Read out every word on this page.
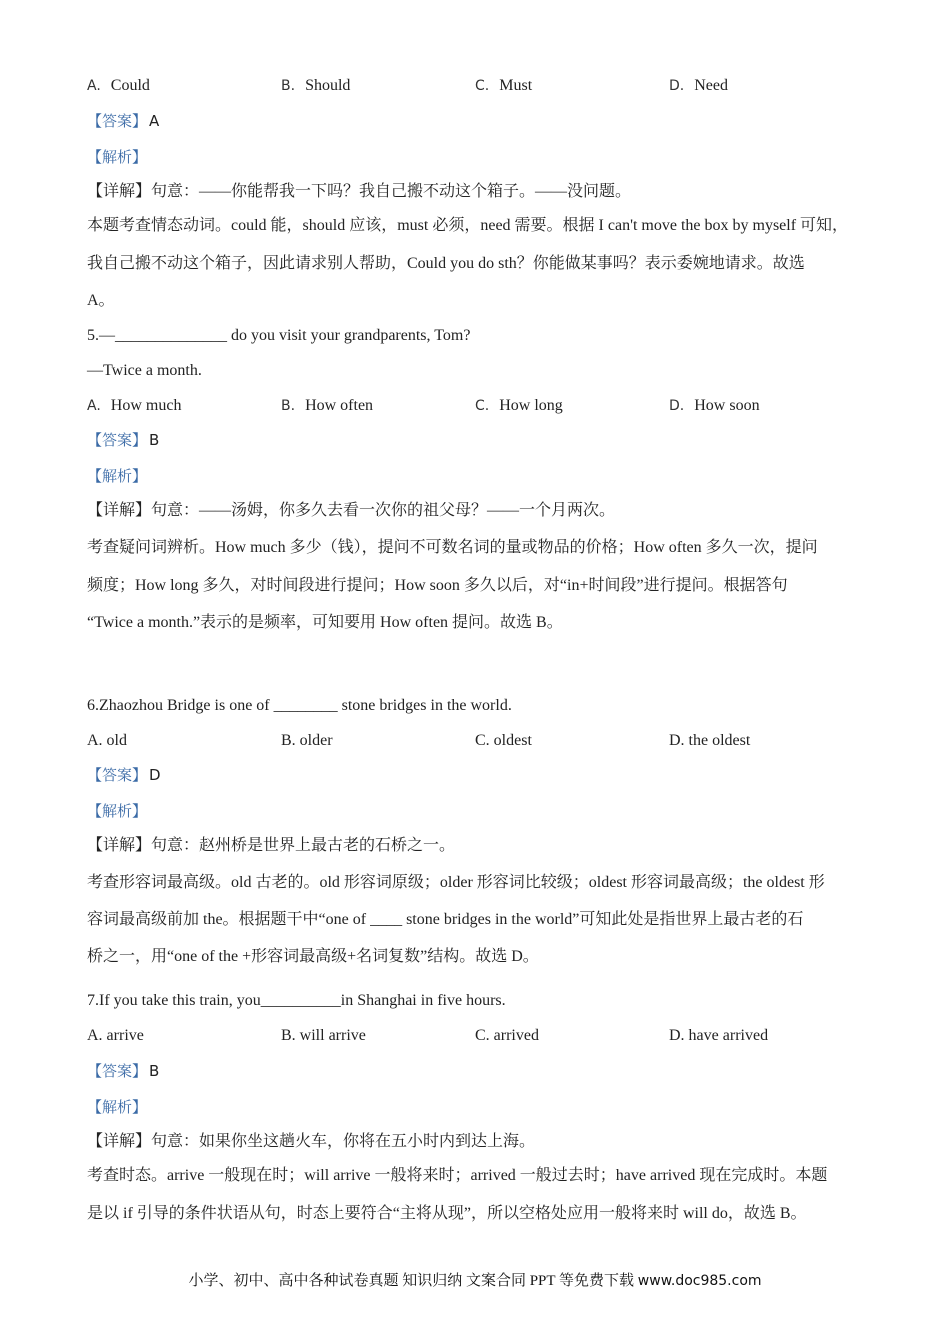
A. Could	B. Should	C. Must	D. Need
【答案】 A
【解析】
【详解】句意：——你能帮我一下吗？我自己搬不动这个箱子。——没问题。
本题考查情态动词。could 能，should 应该，must 必须，need 需要。根据 I can't move the box by myself 可知，
我自己搬不动这个箱子，因此请求别人帮助，Could you do sth？你能做某事吗？表示委婉地请求。故选
A。
5.—______________ do you visit your grandparents, Tom?
—Twice a month.
A. How much	B. How often	C. How long	D. How soon
【答案】 B
【解析】
【详解】句意：——汤姆，你多久去看一次你的祖父母？——一个月两次。
考查疑问词辨析。How much 多少（钱），提问不可数名词的量或物品的价格；How often 多久一次，提问
频度；How long 多久，对时间段进行提问；How soon 多久以后，对“in+时间段”进行提问。根据答句
“Twice a month.”表示的是频率，可知要用 How often 提问。故选 B。
6.Zhaozhou Bridge is one of ________ stone bridges in the world.
A. old	B. older	C. oldest	D. the oldest
【答案】 D
【解析】
【详解】句意：赵州桥是世界上最古老的石桥之一。
考查形容词最高级。old 古老的。old 形容词原级；older 形容词比较级；oldest 形容词最高级；the oldest 形
容词最高级前加 the。根据题干中“one of ____ stone bridges in the world”可知此处是指世界上最古老的石
桥之一，用“one of the +形容词最高级+名词复数”结构。故选 D。
7.If you take this train, you__________in Shanghai in five hours.
A. arrive	B. will arrive	C. arrived	D. have arrived
【答案】 B
【解析】
【详解】句意：如果你坐这趟火车，你将在五小时内到达上海。
考查时态。arrive 一般现在时；will arrive 一般将来时；arrived 一般过去时；have arrived 现在完成时。本题
是以 if 引导的条件状语从句，时态上要符合“主将从现”，所以空格处应用一般将来时 will do，故选 B。
小学、初中、高中各种试卷真题 知识归纳 文案合同 PPT 等免费下载 www.doc985.com
